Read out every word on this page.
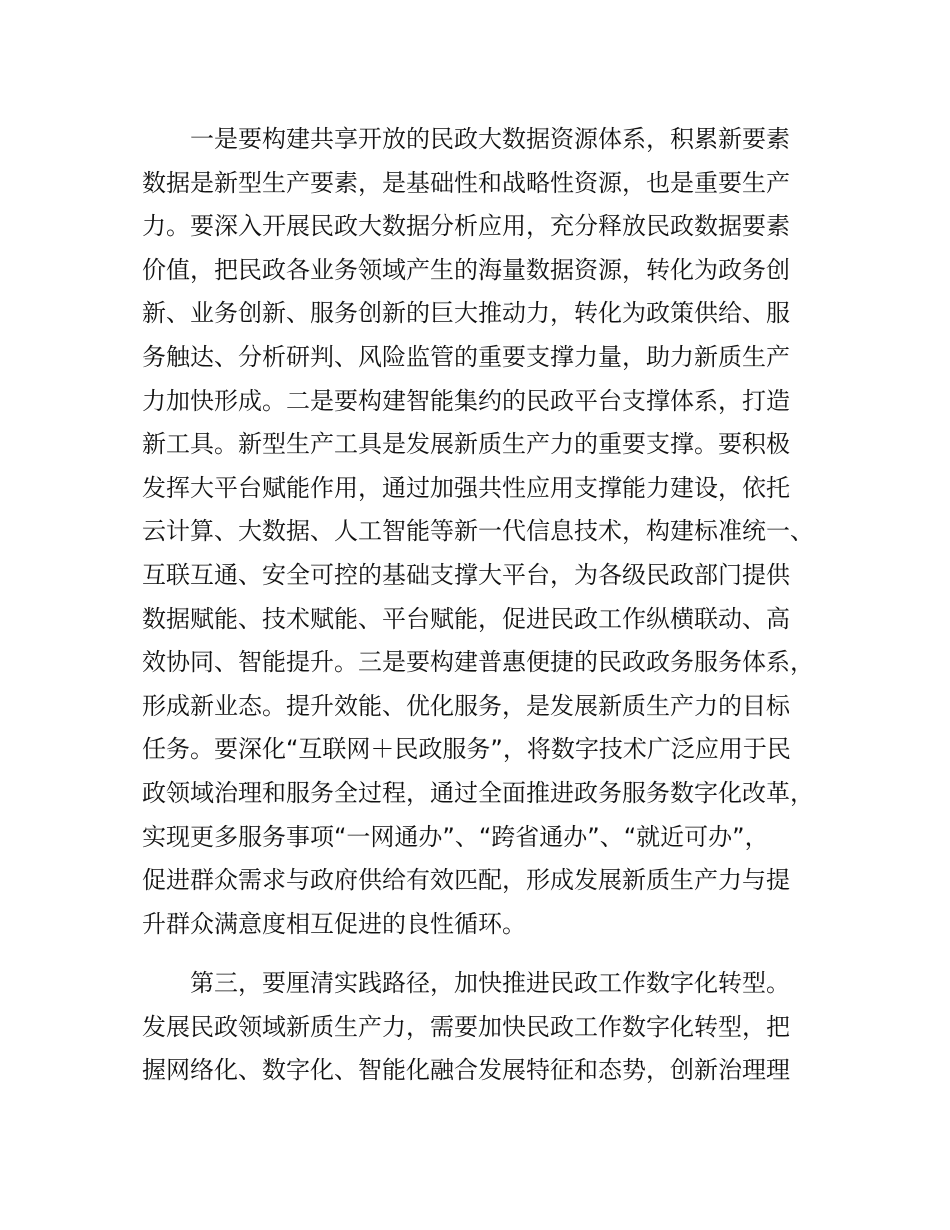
一是要构建共享开放的民政大数据资源体系，积累新要素
数据是新型生产要素，是基础性和战略性资源，也是重要生产
力。要深入开展民政大数据分析应用，充分释放民政数据要素
价值，把民政各业务领域产生的海量数据资源，转化为政务创
新、业务创新、服务创新的巨大推动力，转化为政策供给、服
务触达、分析研判、风险监管的重要支撑力量，助力新质生产
力加快形成。二是要构建智能集约的民政平台支撑体系，打造
新工具。新型生产工具是发展新质生产力的重要支撑。要积极
发挥大平台赋能作用，通过加强共性应用支撑能力建设，依托
云计算、大数据、人工智能等新一代信息技术，构建标准统一、
互联互通、安全可控的基础支撑大平台，为各级民政部门提供
数据赋能、技术赋能、平台赋能，促进民政工作纵横联动、高
效协同、智能提升。三是要构建普惠便捷的民政政务服务体系，
形成新业态。提升效能、优化服务，是发展新质生产力的目标
任务。要深化“互联网＋民政服务”，将数字技术广泛应用于民
政领域治理和服务全过程，通过全面推进政务服务数字化改革，
实现更多服务事项“一网通办”、“跨省通办”、“就近可办”，
促进群众需求与政府供给有效匹配，形成发展新质生产力与提
升群众满意度相互促进的良性循环。
第三，要厘清实践路径，加快推进民政工作数字化转型。
发展民政领域新质生产力，需要加快民政工作数字化转型，把
握网络化、数字化、智能化融合发展特征和态势，创新治理理
